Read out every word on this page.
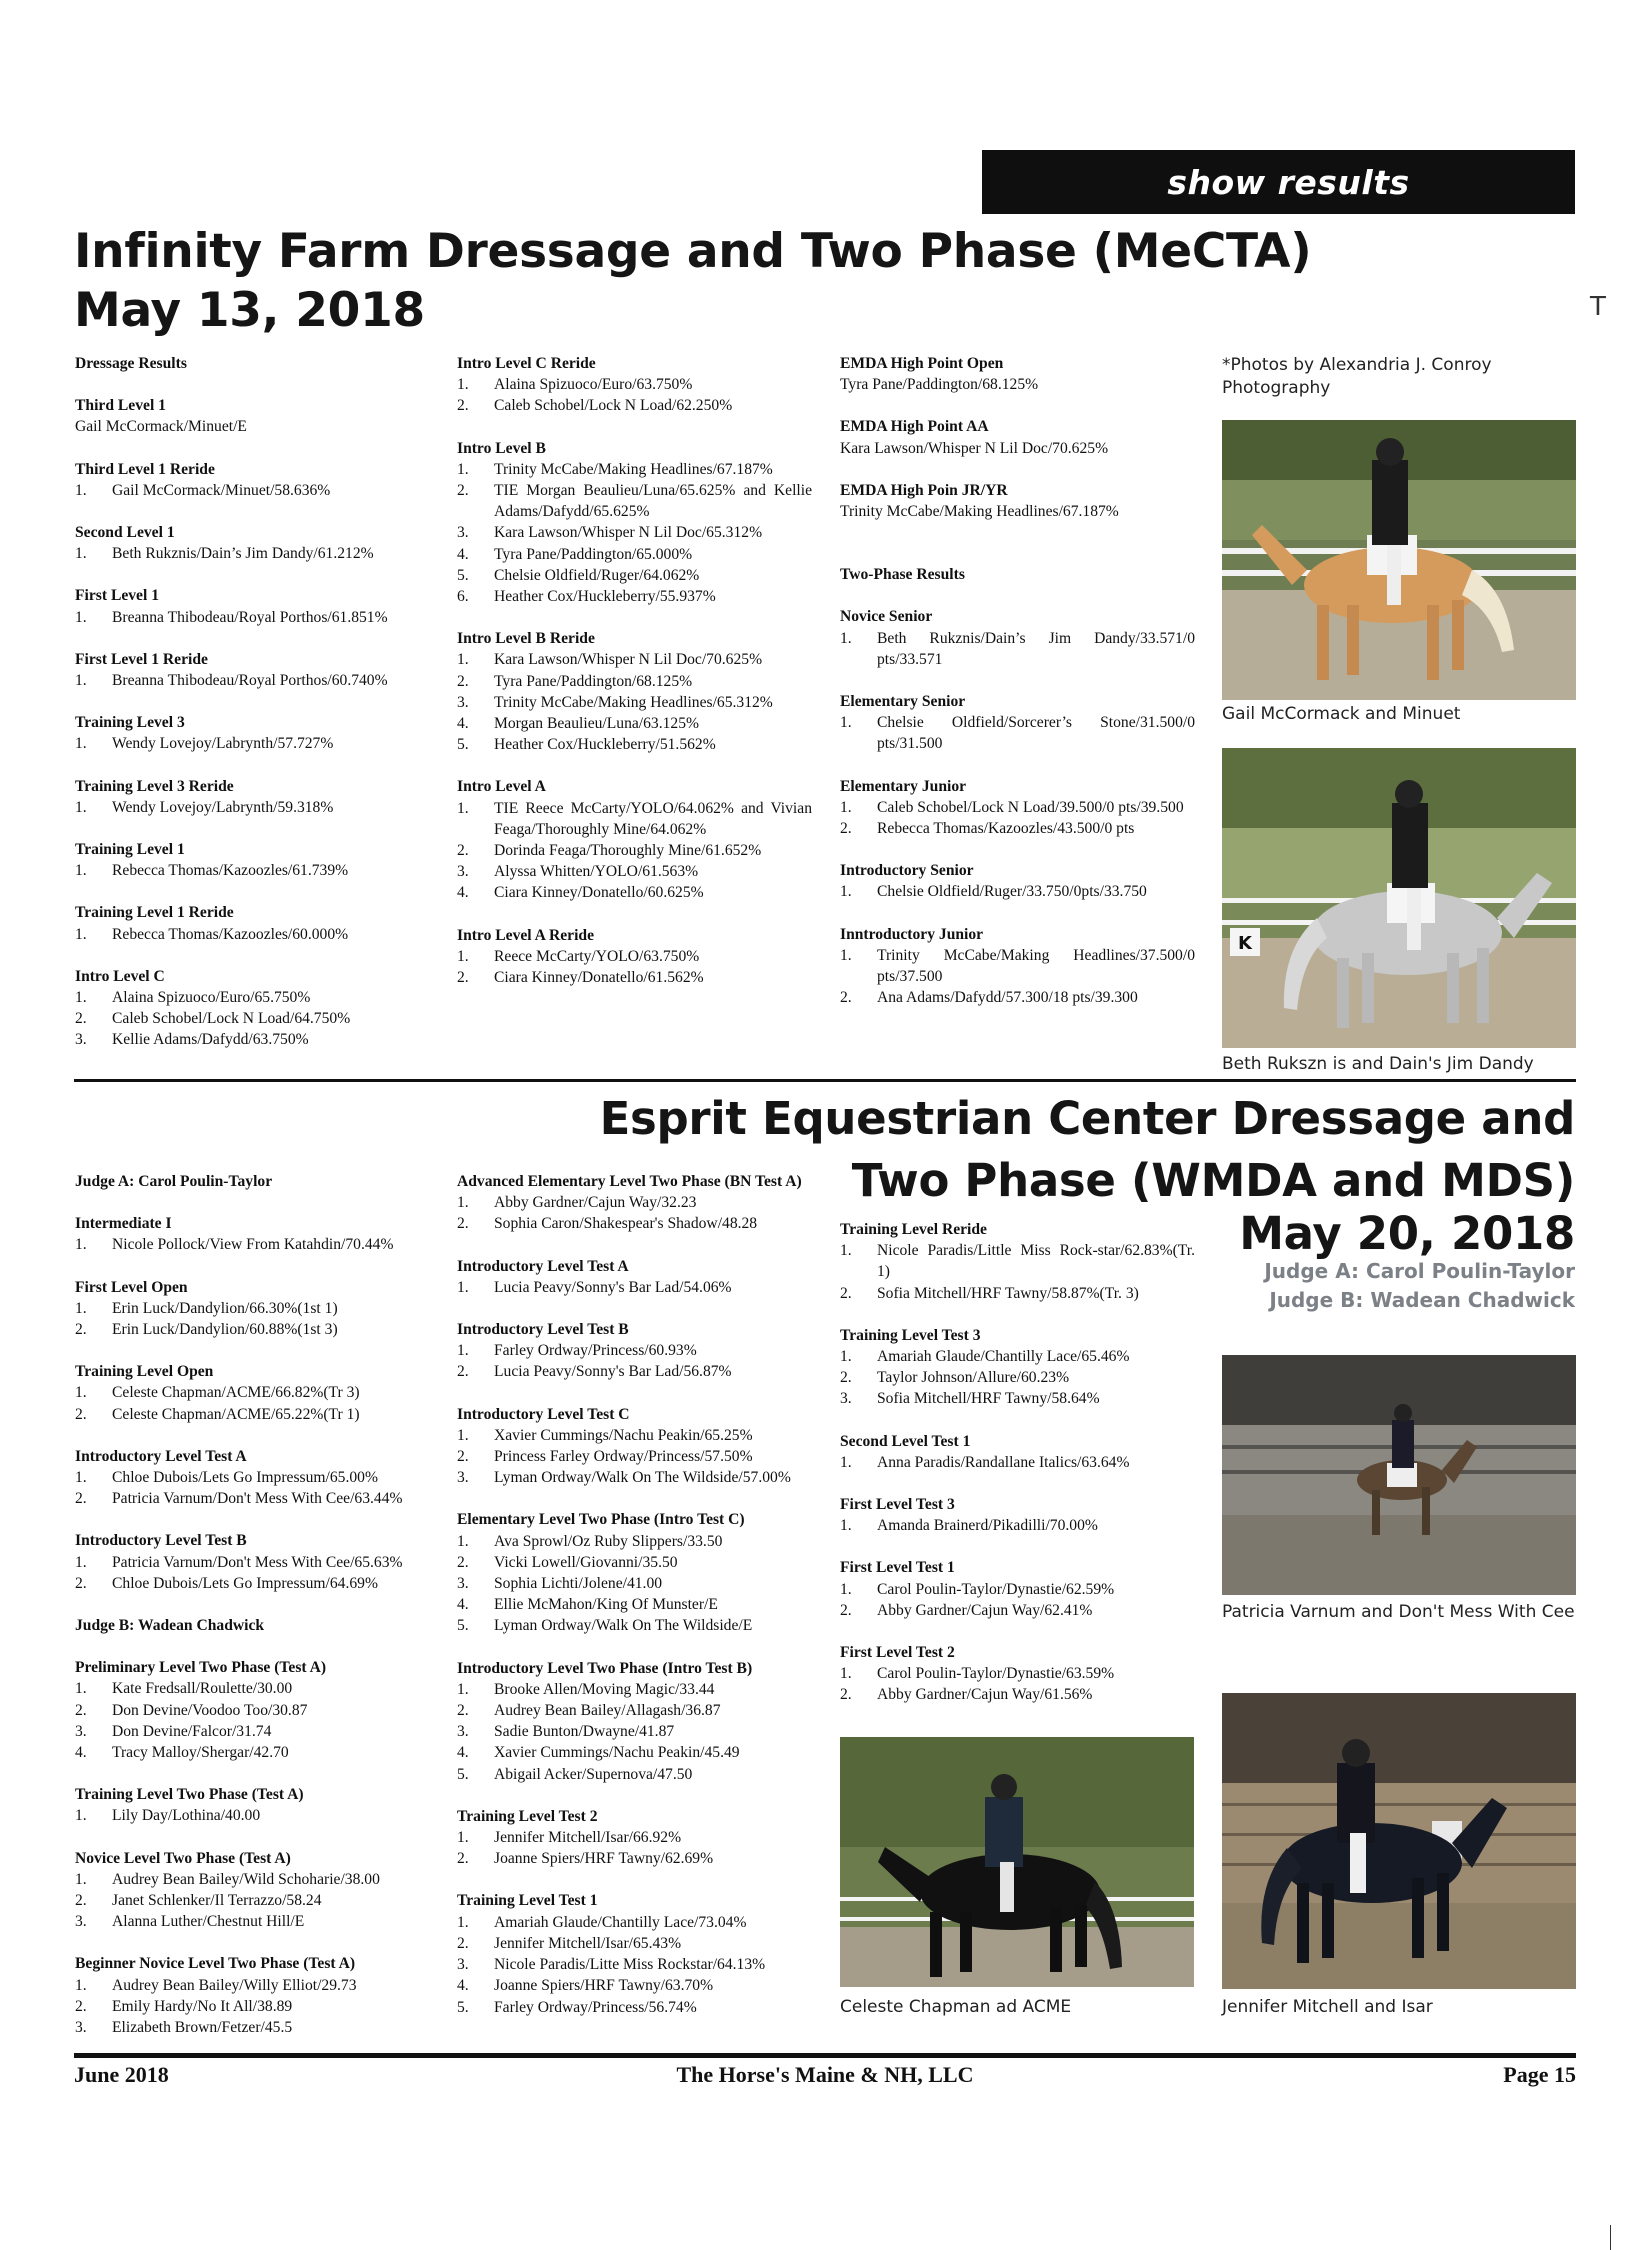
show results
T
Infinity Farm Dressage and Two Phase (MeCTA)
May 13, 2018
Dressage Results
Third Level 1
Gail McCormack/Minuet/E
Third Level 1 Reride
1.	Gail McCormack/Minuet/58.636%
Second Level 1
1.	Beth Rukznis/Dain’s Jim Dandy/61.212%
First Level 1
1.	Breanna Thibodeau/Royal Porthos/61.851%
First Level 1 Reride
1.	Breanna Thibodeau/Royal Porthos/60.740%
Training Level 3
1.	Wendy Lovejoy/Labrynth/57.727%
Training Level 3 Reride
1.	Wendy Lovejoy/Labrynth/59.318%
Training Level 1
1.	Rebecca Thomas/Kazoozles/61.739%
Training Level 1 Reride
1.	Rebecca Thomas/Kazoozles/60.000%
Intro Level C
1.	Alaina Spizuoco/Euro/65.750%
2.	Caleb Schobel/Lock N Load/64.750%
3.	Kellie Adams/Dafydd/63.750%
Intro Level C Reride
1.	Alaina Spizuoco/Euro/63.750%
2.	Caleb Schobel/Lock N Load/62.250%
Intro Level B
1.	Trinity McCabe/Making Headlines/67.187%
2.	TIE Morgan Beaulieu/Luna/65.625% and Kellie Adams/Dafydd/65.625%
3.	Kara Lawson/Whisper N Lil Doc/65.312%
4.	Tyra Pane/Paddington/65.000%
5.	Chelsie Oldfield/Ruger/64.062%
6.	Heather Cox/Huckleberry/55.937%
Intro Level B Reride
1.	Kara Lawson/Whisper N Lil Doc/70.625%
2.	Tyra Pane/Paddington/68.125%
3.	Trinity McCabe/Making Headlines/65.312%
4.	Morgan Beaulieu/Luna/63.125%
5.	Heather Cox/Huckleberry/51.562%
Intro Level A
1.	TIE Reece McCarty/YOLO/64.062% and Vivian Feaga/Thoroughly Mine/64.062%
2.	Dorinda Feaga/Thoroughly Mine/61.652%
3.	Alyssa Whitten/YOLO/61.563%
4.	Ciara Kinney/Donatello/60.625%
Intro Level A Reride
1.	Reece McCarty/YOLO/63.750%
2.	Ciara Kinney/Donatello/61.562%
EMDA High Point Open
Tyra Pane/Paddington/68.125%
EMDA High Point AA
Kara Lawson/Whisper N Lil Doc/70.625%
EMDA High Poin JR/YR
Trinity McCabe/Making Headlines/67.187%
Two-Phase Results
Novice Senior
1.	Beth Rukznis/Dain’s Jim Dandy/33.571/0 pts/33.571
Elementary Senior
1.	Chelsie Oldfield/Sorcerer’s Stone/31.500/0 pts/31.500
Elementary Junior
1.	Caleb Schobel/Lock N Load/39.500/0 pts/39.500
2.	Rebecca Thomas/Kazoozles/43.500/0 pts
Introductory Senior
1.	Chelsie Oldfield/Ruger/33.750/0pts/33.750
Inntroductory Junior
1.	Trinity McCabe/Making Headlines/37.500/0 pts/37.500
2.	Ana Adams/Dafydd/57.300/18 pts/39.300
*Photos by Alexandria J. Conroy Photography
Gail McCormack and Minuet
K
Beth Rukszn is and Dain's Jim Dandy
Esprit Equestrian Center Dressage and
Two Phase (WMDA and MDS)
May 20, 2018
Judge A: Carol Poulin-Taylor
Judge B: Wadean Chadwick
Judge A: Carol Poulin-Taylor
Intermediate I
1.	Nicole Pollock/View From Katahdin/70.44%
First Level Open
1.	Erin Luck/Dandylion/66.30%(1st 1)
2.	Erin Luck/Dandylion/60.88%(1st 3)
Training Level Open
1.	Celeste Chapman/ACME/66.82%(Tr 3)
2.	Celeste Chapman/ACME/65.22%(Tr 1)
Introductory Level Test A
1.	Chloe Dubois/Lets Go Impressum/65.00%
2.	Patricia Varnum/Don't Mess With Cee/63.44%
Introductory Level Test B
1.	Patricia Varnum/Don't Mess With Cee/65.63%
2.	Chloe Dubois/Lets Go Impressum/64.69%
Judge B: Wadean Chadwick
Preliminary Level Two Phase (Test A)
1.	Kate Fredsall/Roulette/30.00
2.	Don Devine/Voodoo Too/30.87
3.	Don Devine/Falcor/31.74
4.	Tracy Malloy/Shergar/42.70
Training Level Two Phase (Test A)
1.	Lily Day/Lothina/40.00
Novice Level Two Phase (Test A)
1.	Audrey Bean Bailey/Wild Schoharie/38.00
2.	Janet Schlenker/Il Terrazzo/58.24
3.	Alanna Luther/Chestnut Hill/E
Beginner Novice Level Two Phase (Test A)
1.	Audrey Bean Bailey/Willy Elliot/29.73
2.	Emily Hardy/No It All/38.89
3.	Elizabeth Brown/Fetzer/45.5
Advanced Elementary Level Two Phase (BN Test A)
1.	Abby Gardner/Cajun Way/32.23
2.	Sophia Caron/Shakespear's Shadow/48.28
Introductory Level Test A
1.	Lucia Peavy/Sonny's Bar Lad/54.06%
Introductory Level Test B
1.	Farley Ordway/Princess/60.93%
2.	Lucia Peavy/Sonny's Bar Lad/56.87%
Introductory Level Test C
1.	Xavier Cummings/Nachu Peakin/65.25%
2.	Princess Farley Ordway/Princess/57.50%
3.	Lyman Ordway/Walk On The Wildside/57.00%
Elementary Level Two Phase (Intro Test C)
1.	Ava Sprowl/Oz Ruby Slippers/33.50
2.	Vicki Lowell/Giovanni/35.50
3.	Sophia Lichti/Jolene/41.00
4.	Ellie McMahon/King Of Munster/E
5.	Lyman Ordway/Walk On The Wildside/E
Introductory Level Two Phase (Intro Test B)
1.	Brooke Allen/Moving Magic/33.44
2.	Audrey Bean Bailey/Allagash/36.87
3.	Sadie Bunton/Dwayne/41.87
4.	Xavier Cummings/Nachu Peakin/45.49
5.	Abigail Acker/Supernova/47.50
Training Level Test 2
1.	Jennifer Mitchell/Isar/66.92%
2.	Joanne Spiers/HRF Tawny/62.69%
Training Level Test 1
1.	Amariah Glaude/Chantilly Lace/73.04%
2.	Jennifer Mitchell/Isar/65.43%
3.	Nicole Paradis/Litte Miss Rockstar/64.13%
4.	Joanne Spiers/HRF Tawny/63.70%
5.	Farley Ordway/Princess/56.74%
Training Level Reride
1.	Nicole Paradis/Little Miss Rock-star/62.83%(Tr. 1)
2.	Sofia Mitchell/HRF Tawny/58.87%(Tr. 3)
Training Level Test 3
1.	Amariah Glaude/Chantilly Lace/65.46%
2.	Taylor Johnson/Allure/60.23%
3.	Sofia Mitchell/HRF Tawny/58.64%
Second Level Test 1
1.	Anna Paradis/Randallane Italics/63.64%
First Level Test 3
1.	Amanda Brainerd/Pikadilli/70.00%
First Level Test 1
1.	Carol Poulin-Taylor/Dynastie/62.59%
2.	Abby Gardner/Cajun Way/62.41%
First Level Test 2
1.	Carol Poulin-Taylor/Dynastie/63.59%
2.	Abby Gardner/Cajun Way/61.56%
Patricia Varnum and Don't Mess With Cee
Celeste Chapman ad ACME	Jennifer Mitchell and Isar
June 2018	The Horse's Maine & NH, LLC	Page 15
